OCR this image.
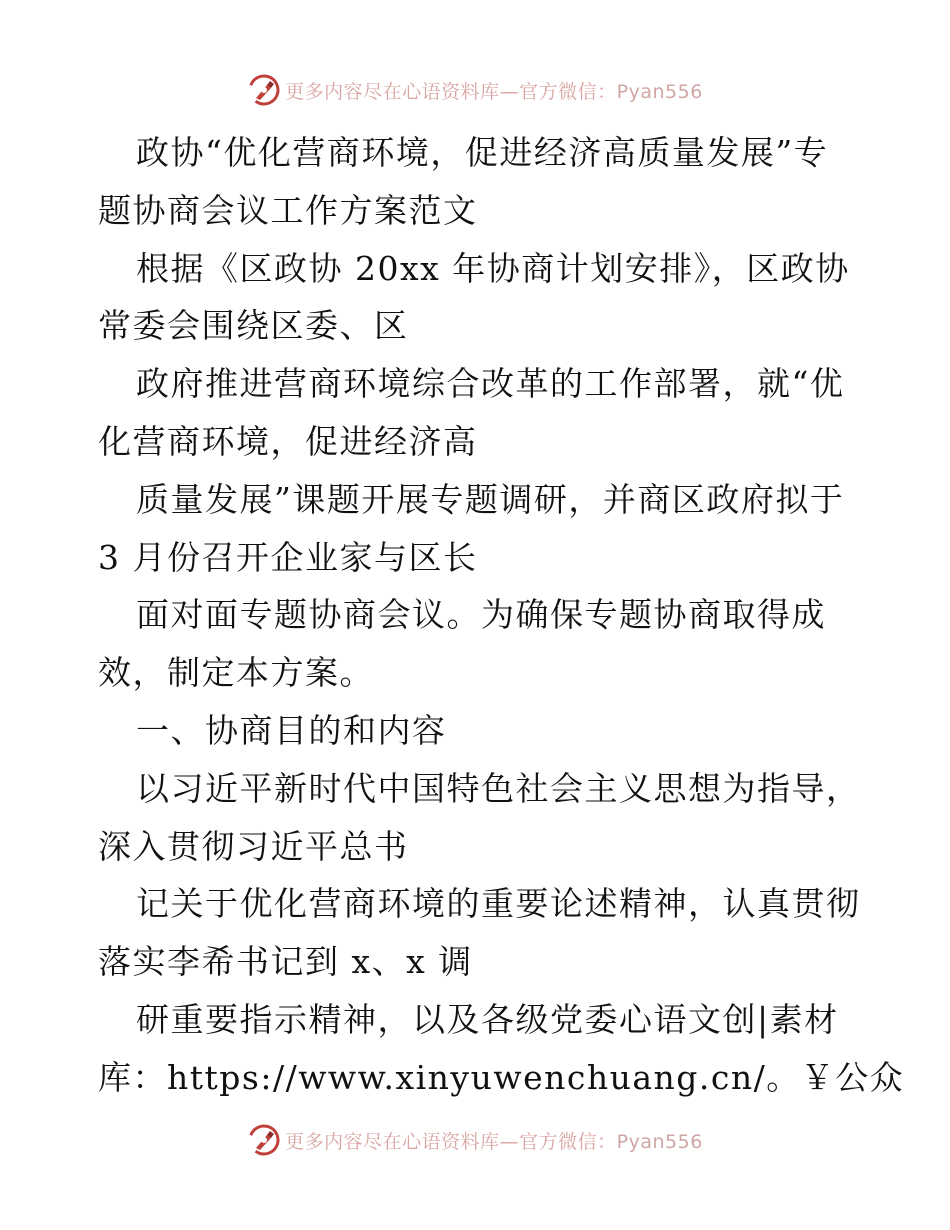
更多内容尽在心语资料库—官方微信：Pyan556
政协“优化营商环境，促进经济高质量发展”专
题协商会议工作方案范文
根据《区政协 20xx 年协商计划安排》，区政协
常委会围绕区委、区
政府推进营商环境综合改革的工作部署，就“优
化营商环境，促进经济高
质量发展”课题开展专题调研，并商区政府拟于
3 月份召开企业家与区长
面对面专题协商会议。为确保专题协商取得成
效，制定本方案。
一、协商目的和内容
以习近平新时代中国特色社会主义思想为指导，
深入贯彻习近平总书
记关于优化营商环境的重要论述精神，认真贯彻
落实李希书记到 x、x 调
研重要指示精神，以及各级党委心语文创|素材
库：https://www.xinyuwenchuang.cn/。￥公众
更多内容尽在心语资料库—官方微信：Pyan556
